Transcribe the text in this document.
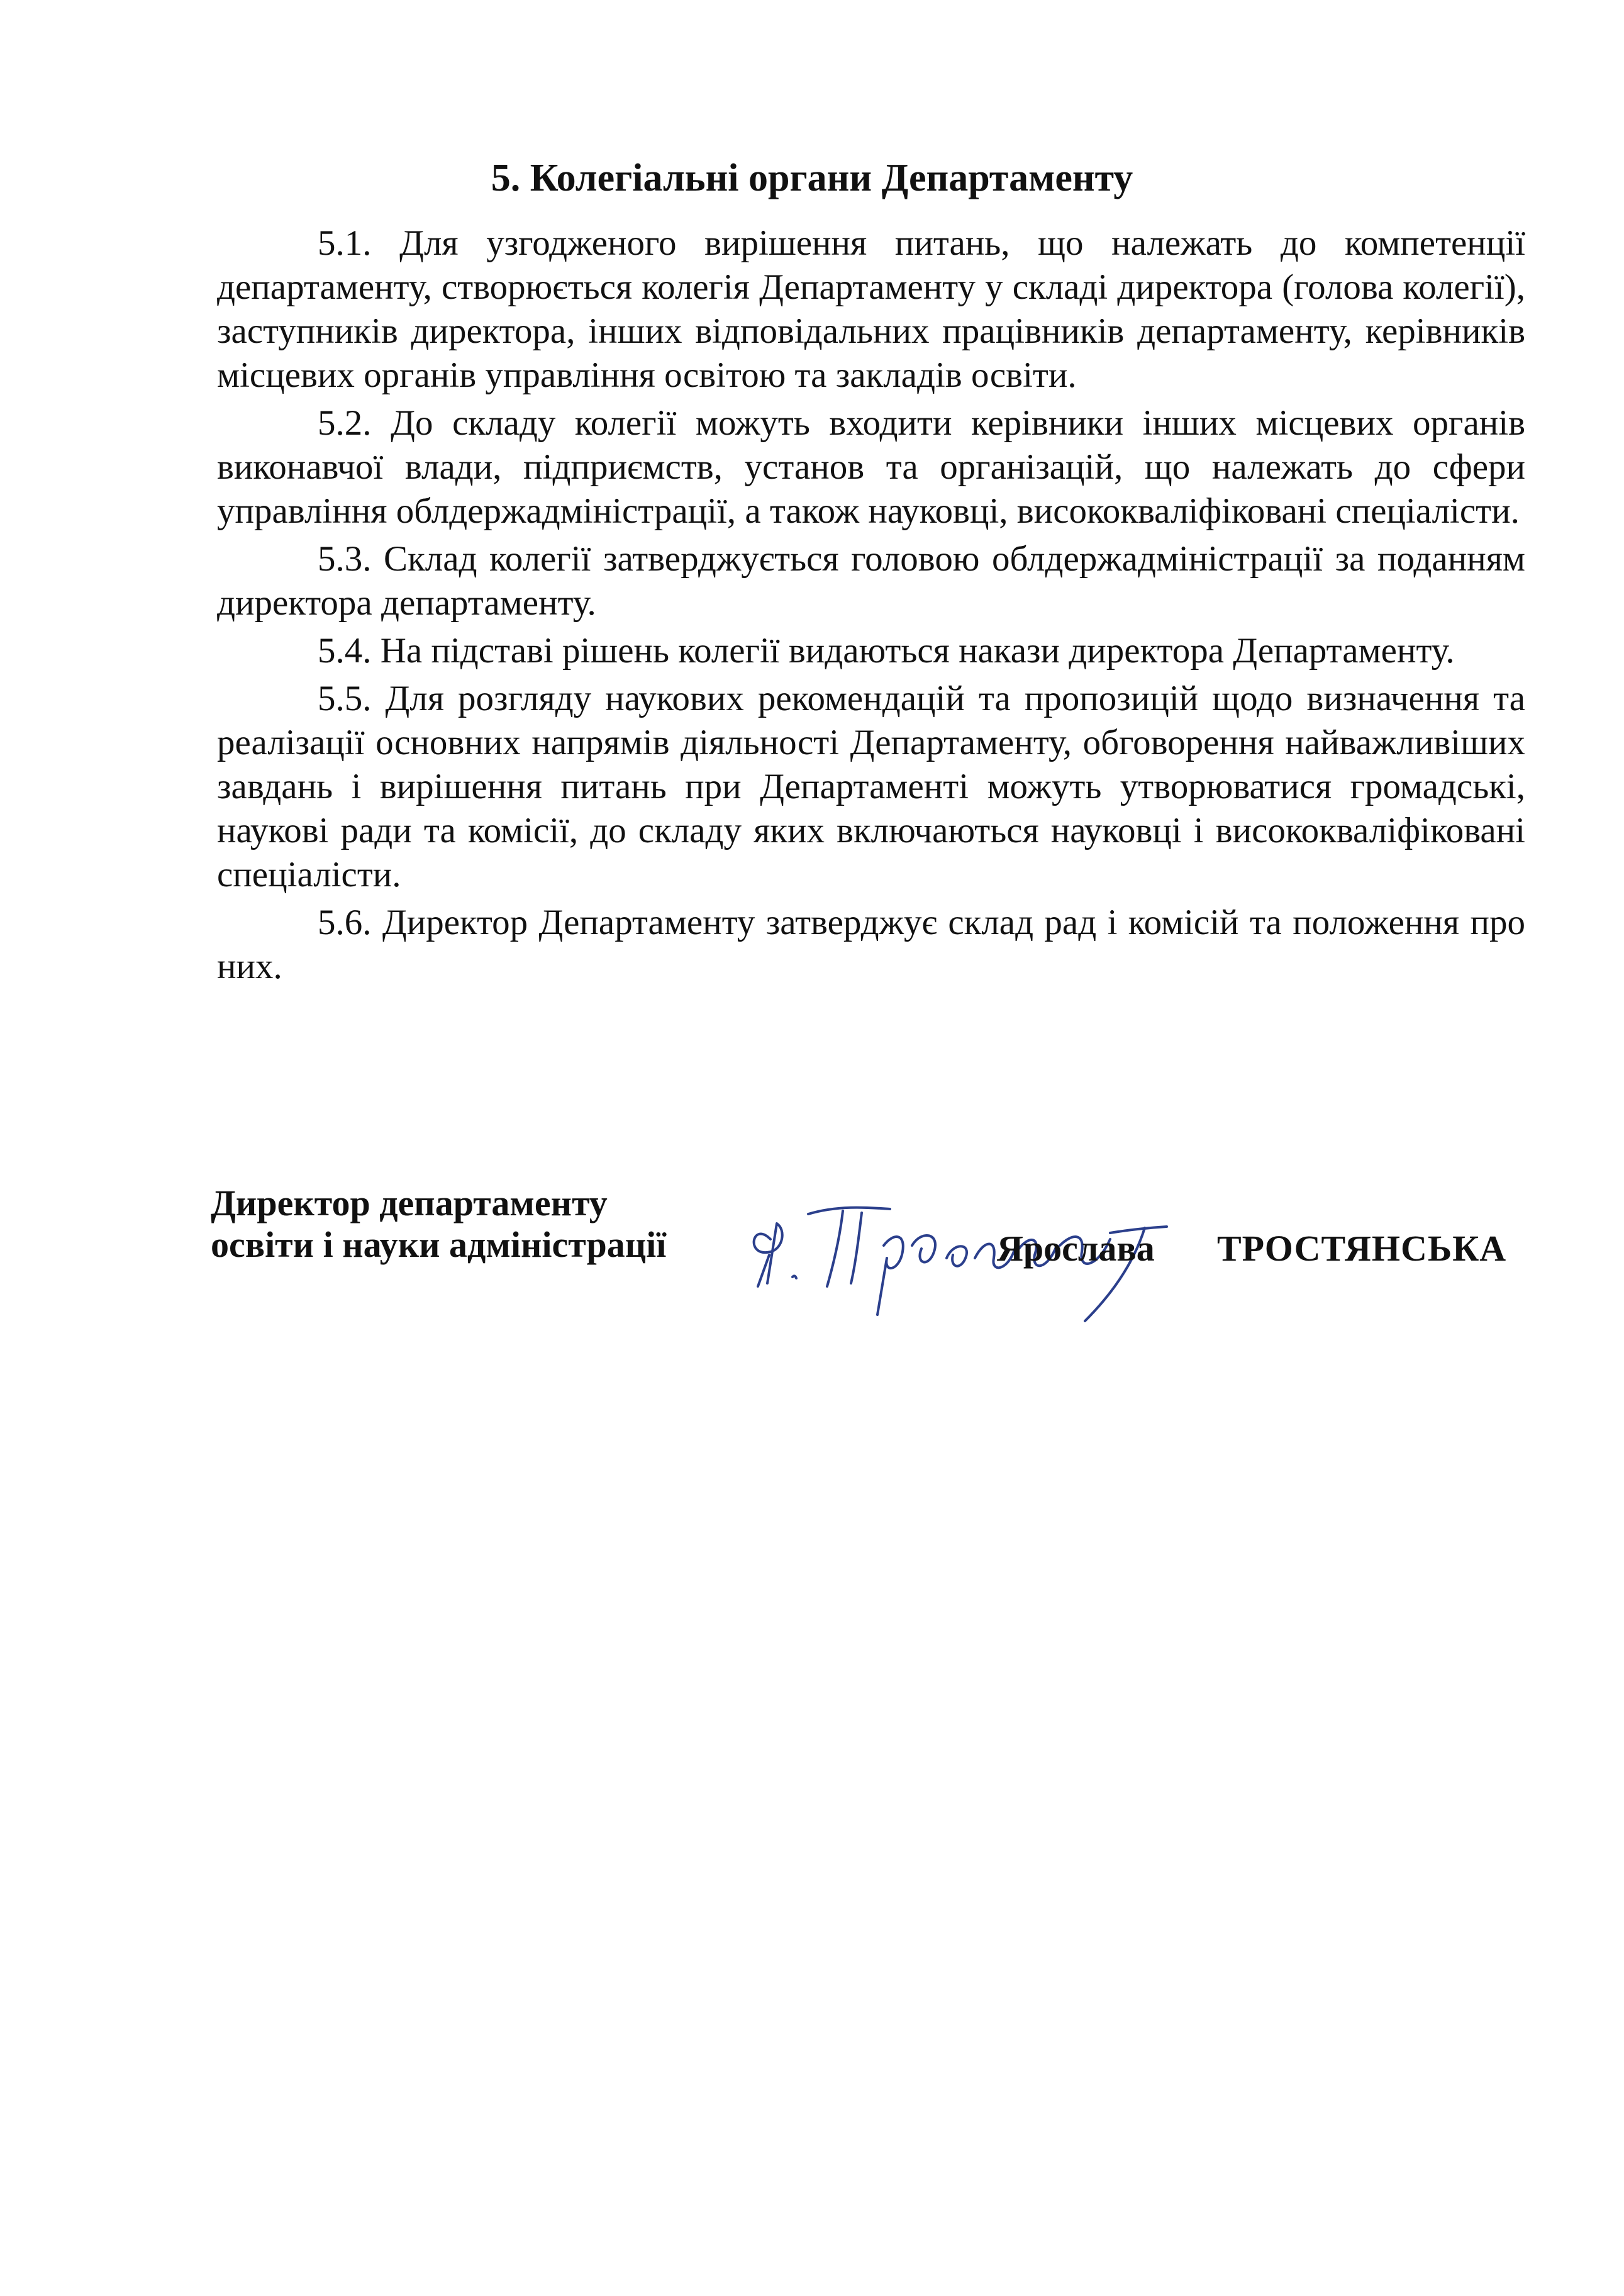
5. Колегіальні органи Департаменту

5.1. Для узгодженого вирішення питань, що належать до компетенції департаменту, створюється колегія Департаменту у складі директора (голова колегії), заступників директора, інших відповідальних працівників департаменту, керівників місцевих органів управління освітою та закладів освіти.

5.2. До складу колегії можуть входити керівники інших місцевих органів виконавчої влади, підприємств, установ та організацій, що належать до сфери управління облдержадміністрації, а також науковці, висококваліфіковані спеціалісти.

5.3. Склад колегії затверджується головою облдержадміністрації за поданням директора департаменту.

5.4. На підставі рішень колегії видаються накази директора Департаменту.

5.5. Для розгляду наукових рекомендацій та пропозицій щодо визначення та реалізації основних напрямів діяльності Департаменту, обговорення найважливіших завдань і вирішення питань при Департаменті можуть утворюватися громадські, наукові ради та комісії, до складу яких включаються науковці і висококваліфіковані спеціалісти.

5.6. Директор Департаменту затверджує склад рад і комісій та положення про них.

Директор департаменту
освіти і науки адміністрації	Ярослава ТРОСТЯНСЬКА
